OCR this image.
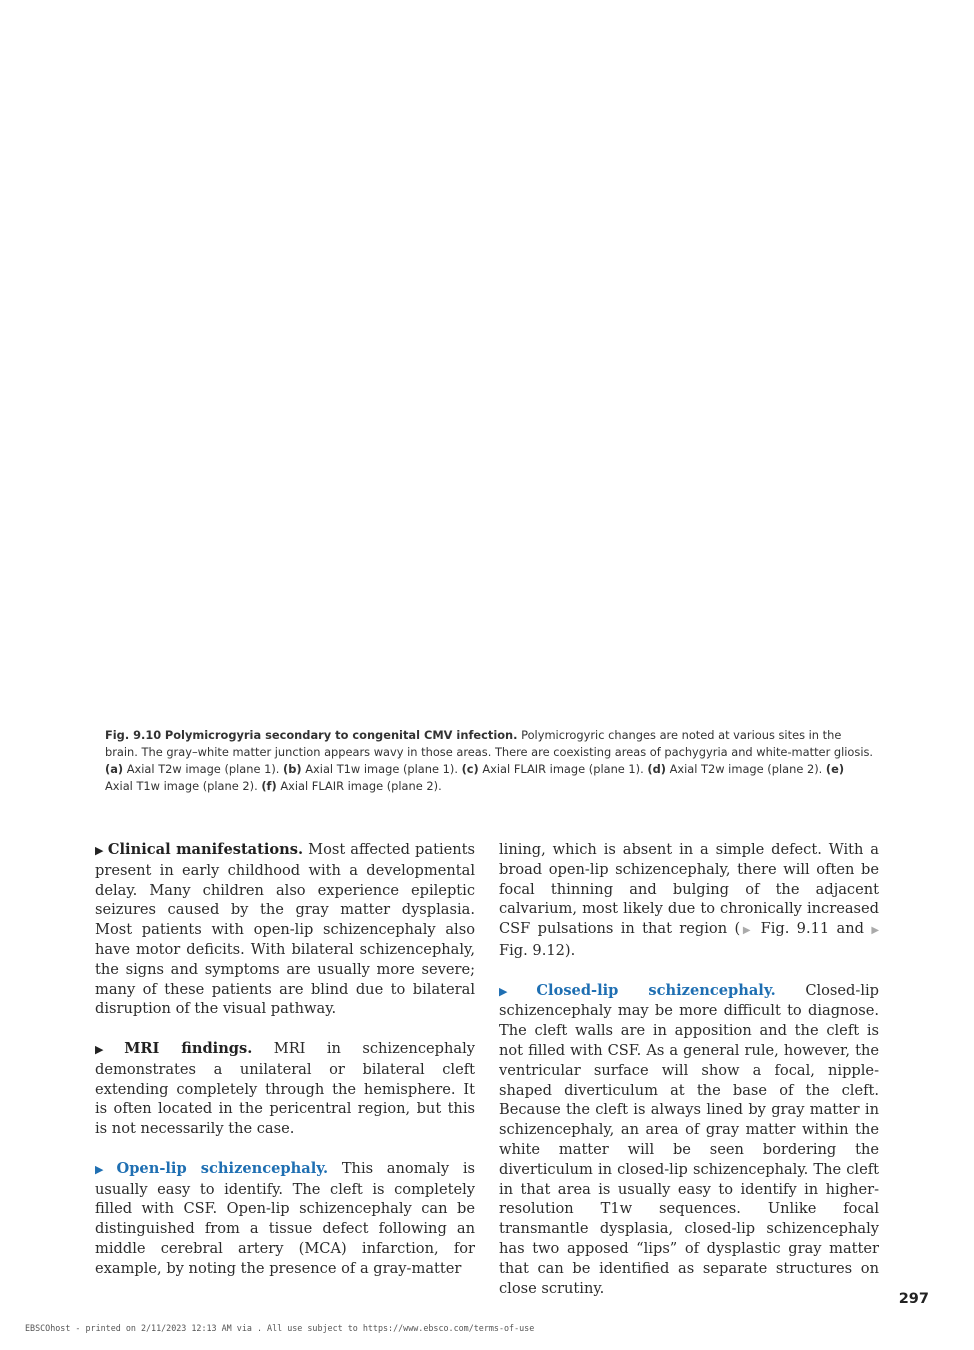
Fig. 9.10 Polymicrogyria secondary to congenital CMV infection. Polymicrogyric changes are noted at various sites in the brain. The gray–white matter junction appears wavy in those areas. There are coexisting areas of pachygyria and white-matter gliosis. (a) Axial T2w image (plane 1). (b) Axial T1w image (plane 1). (c) Axial FLAIR image (plane 1). (d) Axial T2w image (plane 2). (e) Axial T1w image (plane 2). (f) Axial FLAIR image (plane 2).

▶ Clinical manifestations. Most affected patients present in early childhood with a developmental delay. Many children also experience epileptic seizures caused by the gray matter dysplasia. Most patients with open-lip schizencephaly also have motor deficits. With bilateral schizencephaly, the signs and symptoms are usually more severe; many of these patients are blind due to bilateral disruption of the visual pathway.

▶ MRI findings. MRI in schizencephaly demonstrates a unilateral or bilateral cleft extending completely through the hemisphere. It is often located in the pericentral region, but this is not necessarily the case.

▶ Open-lip schizencephaly. This anomaly is usually easy to identify. The cleft is completely filled with CSF. Open-lip schizencephaly can be distinguished from a tissue defect following an middle cerebral artery (MCA) infarction, for example, by noting the presence of a gray-matter

lining, which is absent in a simple defect. With a broad open-lip schizencephaly, there will often be focal thinning and bulging of the adjacent calvarium, most likely due to chronically increased CSF pulsations in that region (▶ Fig. 9.11 and ▶ Fig. 9.12).

▶ Closed-lip schizencephaly. Closed-lip schizencephaly may be more difficult to diagnose. The cleft walls are in apposition and the cleft is not filled with CSF. As a general rule, however, the ventricular surface will show a focal, nipple-shaped diverticulum at the base of the cleft. Because the cleft is always lined by gray matter in schizencephaly, an area of gray matter within the white matter will be seen bordering the diverticulum in closed-lip schizencephaly. The cleft in that area is usually easy to identify in higher-resolution T1w sequences. Unlike focal transmantle dysplasia, closed-lip schizencephaly has two apposed “lips” of dysplastic gray matter that can be identified as separate structures on close scrutiny.

297
EBSCOhost - printed on 2/11/2023 12:13 AM via . All use subject to https://www.ebsco.com/terms-of-use
